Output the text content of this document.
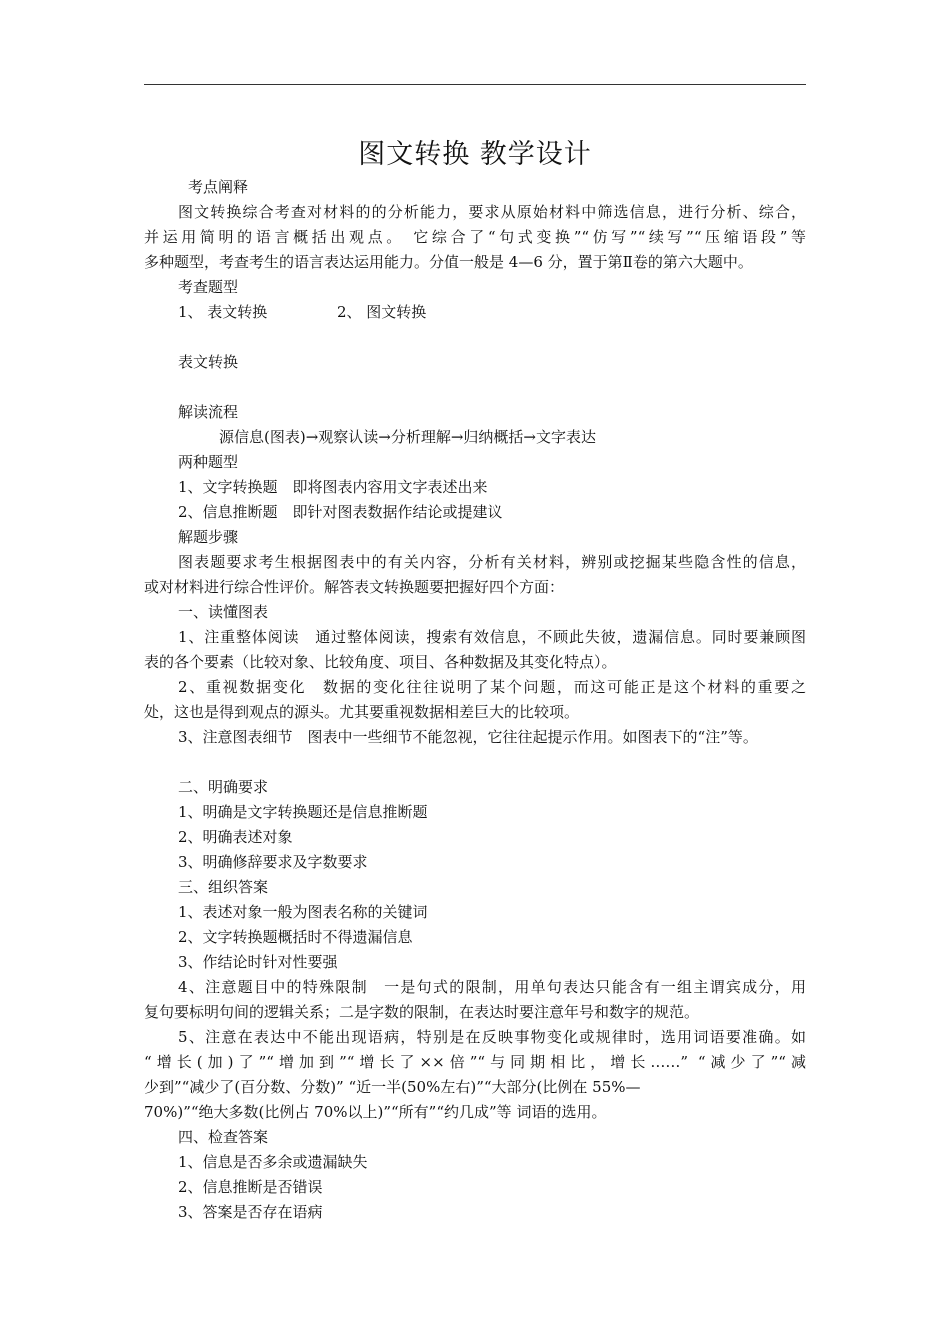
图文转换 教学设计
考点阐释
图文转换综合考查对材料的的分析能力，要求从原始材料中筛选信息，进行分析、综合，
并运用简明的语言概括出观点。 它综合了“句式变换”“仿写”“续写”“压缩语段”等
多种题型，考查考生的语言表达运用能力。分值一般是 4—6 分，置于第Ⅱ卷的第六大题中。
考查题型
1、 表文转换	2、 图文转换
表文转换
解读流程
源信息(图表)→观察认读→分析理解→归纳概括→文字表达
两种题型
1、文字转换题　即将图表内容用文字表述出来
2、信息推断题　即针对图表数据作结论或提建议
解题步骤
图表题要求考生根据图表中的有关内容，分析有关材料，辨别或挖掘某些隐含性的信息，
或对材料进行综合性评价。解答表文转换题要把握好四个方面：
一、读懂图表
1、注重整体阅读　通过整体阅读，搜索有效信息，不顾此失彼，遗漏信息。同时要兼顾图
表的各个要素（比较对象、比较角度、项目、各种数据及其变化特点）。
2、重视数据变化　数据的变化往往说明了某个问题，而这可能正是这个材料的重要之
处，这也是得到观点的源头。尤其要重视数据相差巨大的比较项。
3、注意图表细节　图表中一些细节不能忽视，它往往起提示作用。如图表下的“注”等。
二、明确要求
1、明确是文字转换题还是信息推断题
2、明确表述对象
3、明确修辞要求及字数要求
三、组织答案
1、表述对象一般为图表名称的关键词
2、文字转换题概括时不得遗漏信息
3、作结论时针对性要强
4、注意题目中的特殊限制　一是句式的限制，用单句表达只能含有一组主谓宾成分，用
复句要标明句间的逻辑关系；二是字数的限制，在表达时要注意年号和数字的规范。
5、注意在表达中不能出现语病，特别是在反映事物变化或规律时，选用词语要准确。如
“增长(加)了”“增加到”“增长了××倍”“与同期相比，增长……” “减少了”“减
少到”“减少了(百分数、分数)” “近一半(50%左右)”“大部分(比例在 55%—
70%)”“绝大多数(比例占 70%以上)”“所有”“约几成”等 词语的选用。
四、检查答案
1、信息是否多余或遗漏缺失
2、信息推断是否错误
3、答案是否存在语病
